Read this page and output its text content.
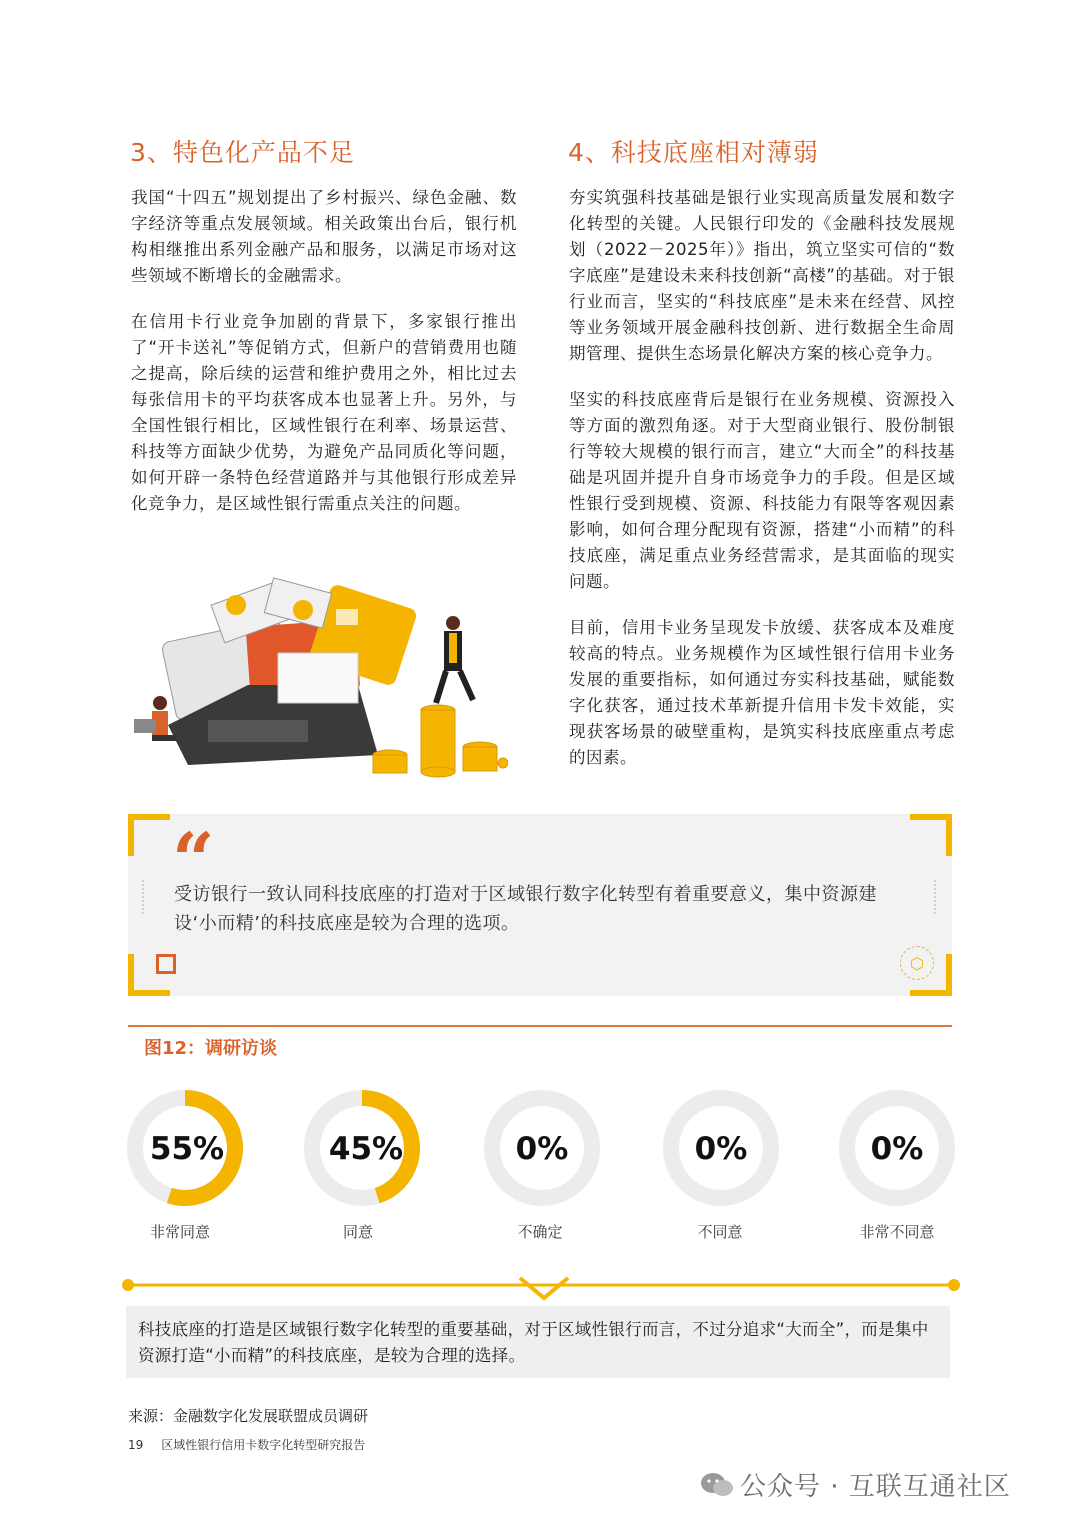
3、特色化产品不足

我国“十四五”规划提出了乡村振兴、绿色金融、数字经济等重点发展领域。相关政策出台后，银行机构相继推出系列金融产品和服务，以满足市场对这些领域不断增长的金融需求。

在信用卡行业竞争加剧的背景下，多家银行推出了“开卡送礼”等促销方式，但新户的营销费用也随之提高，除后续的运营和维护费用之外，相比过去每张信用卡的平均获客成本也显著上升。另外，与全国性银行相比，区域性银行在利率、场景运营、科技等方面缺少优势，为避免产品同质化等问题，如何开辟一条特色经营道路并与其他银行形成差异化竞争力，是区域性银行需重点关注的问题。

4、科技底座相对薄弱

夯实筑强科技基础是银行业实现高质量发展和数字化转型的关键。人民银行印发的《金融科技发展规划（2022－2025年）》指出，筑立坚实可信的“数字底座”是建设未来科技创新“高楼”的基础。对于银行业而言，坚实的“科技底座”是未来在经营、风控等业务领域开展金融科技创新、进行数据全生命周期管理、提供生态场景化解决方案的核心竞争力。

坚实的科技底座背后是银行在业务规模、资源投入等方面的激烈角逐。对于大型商业银行、股份制银行等较大规模的银行而言，建立“大而全”的科技基础是巩固并提升自身市场竞争力的手段。但是区域性银行受到规模、资源、科技能力有限等客观因素影响，如何合理分配现有资源，搭建“小而精”的科技底座，满足重点业务经营需求，是其面临的现实问题。

目前，信用卡业务呈现发卡放缓、获客成本及难度较高的特点。业务规模作为区域性银行信用卡业务发展的重要指标，如何通过夯实科技基础，赋能数字化获客，通过技术革新提升信用卡发卡效能，实现获客场景的破壁重构，是筑实科技底座重点考虑的因素。

“
受访银行一致认同科技底座的打造对于区域银行数字化转型有着重要意义，集中资源建设‘小而精’的科技底座是较为合理的选项。
⬡
图12：调研访谈
55%
非常同意
45%
同意
0%
不确定
0%
不同意
0%
非常不同意
科技底座的打造是区域银行数字化转型的重要基础，对于区域性银行而言，不过分追求“大而全”，而是集中资源打造“小而精”的科技底座，是较为合理的选择。
来源：金融数字化发展联盟成员调研
19 区域性银行信用卡数字化转型研究报告
公众号 · 互联互通社区
